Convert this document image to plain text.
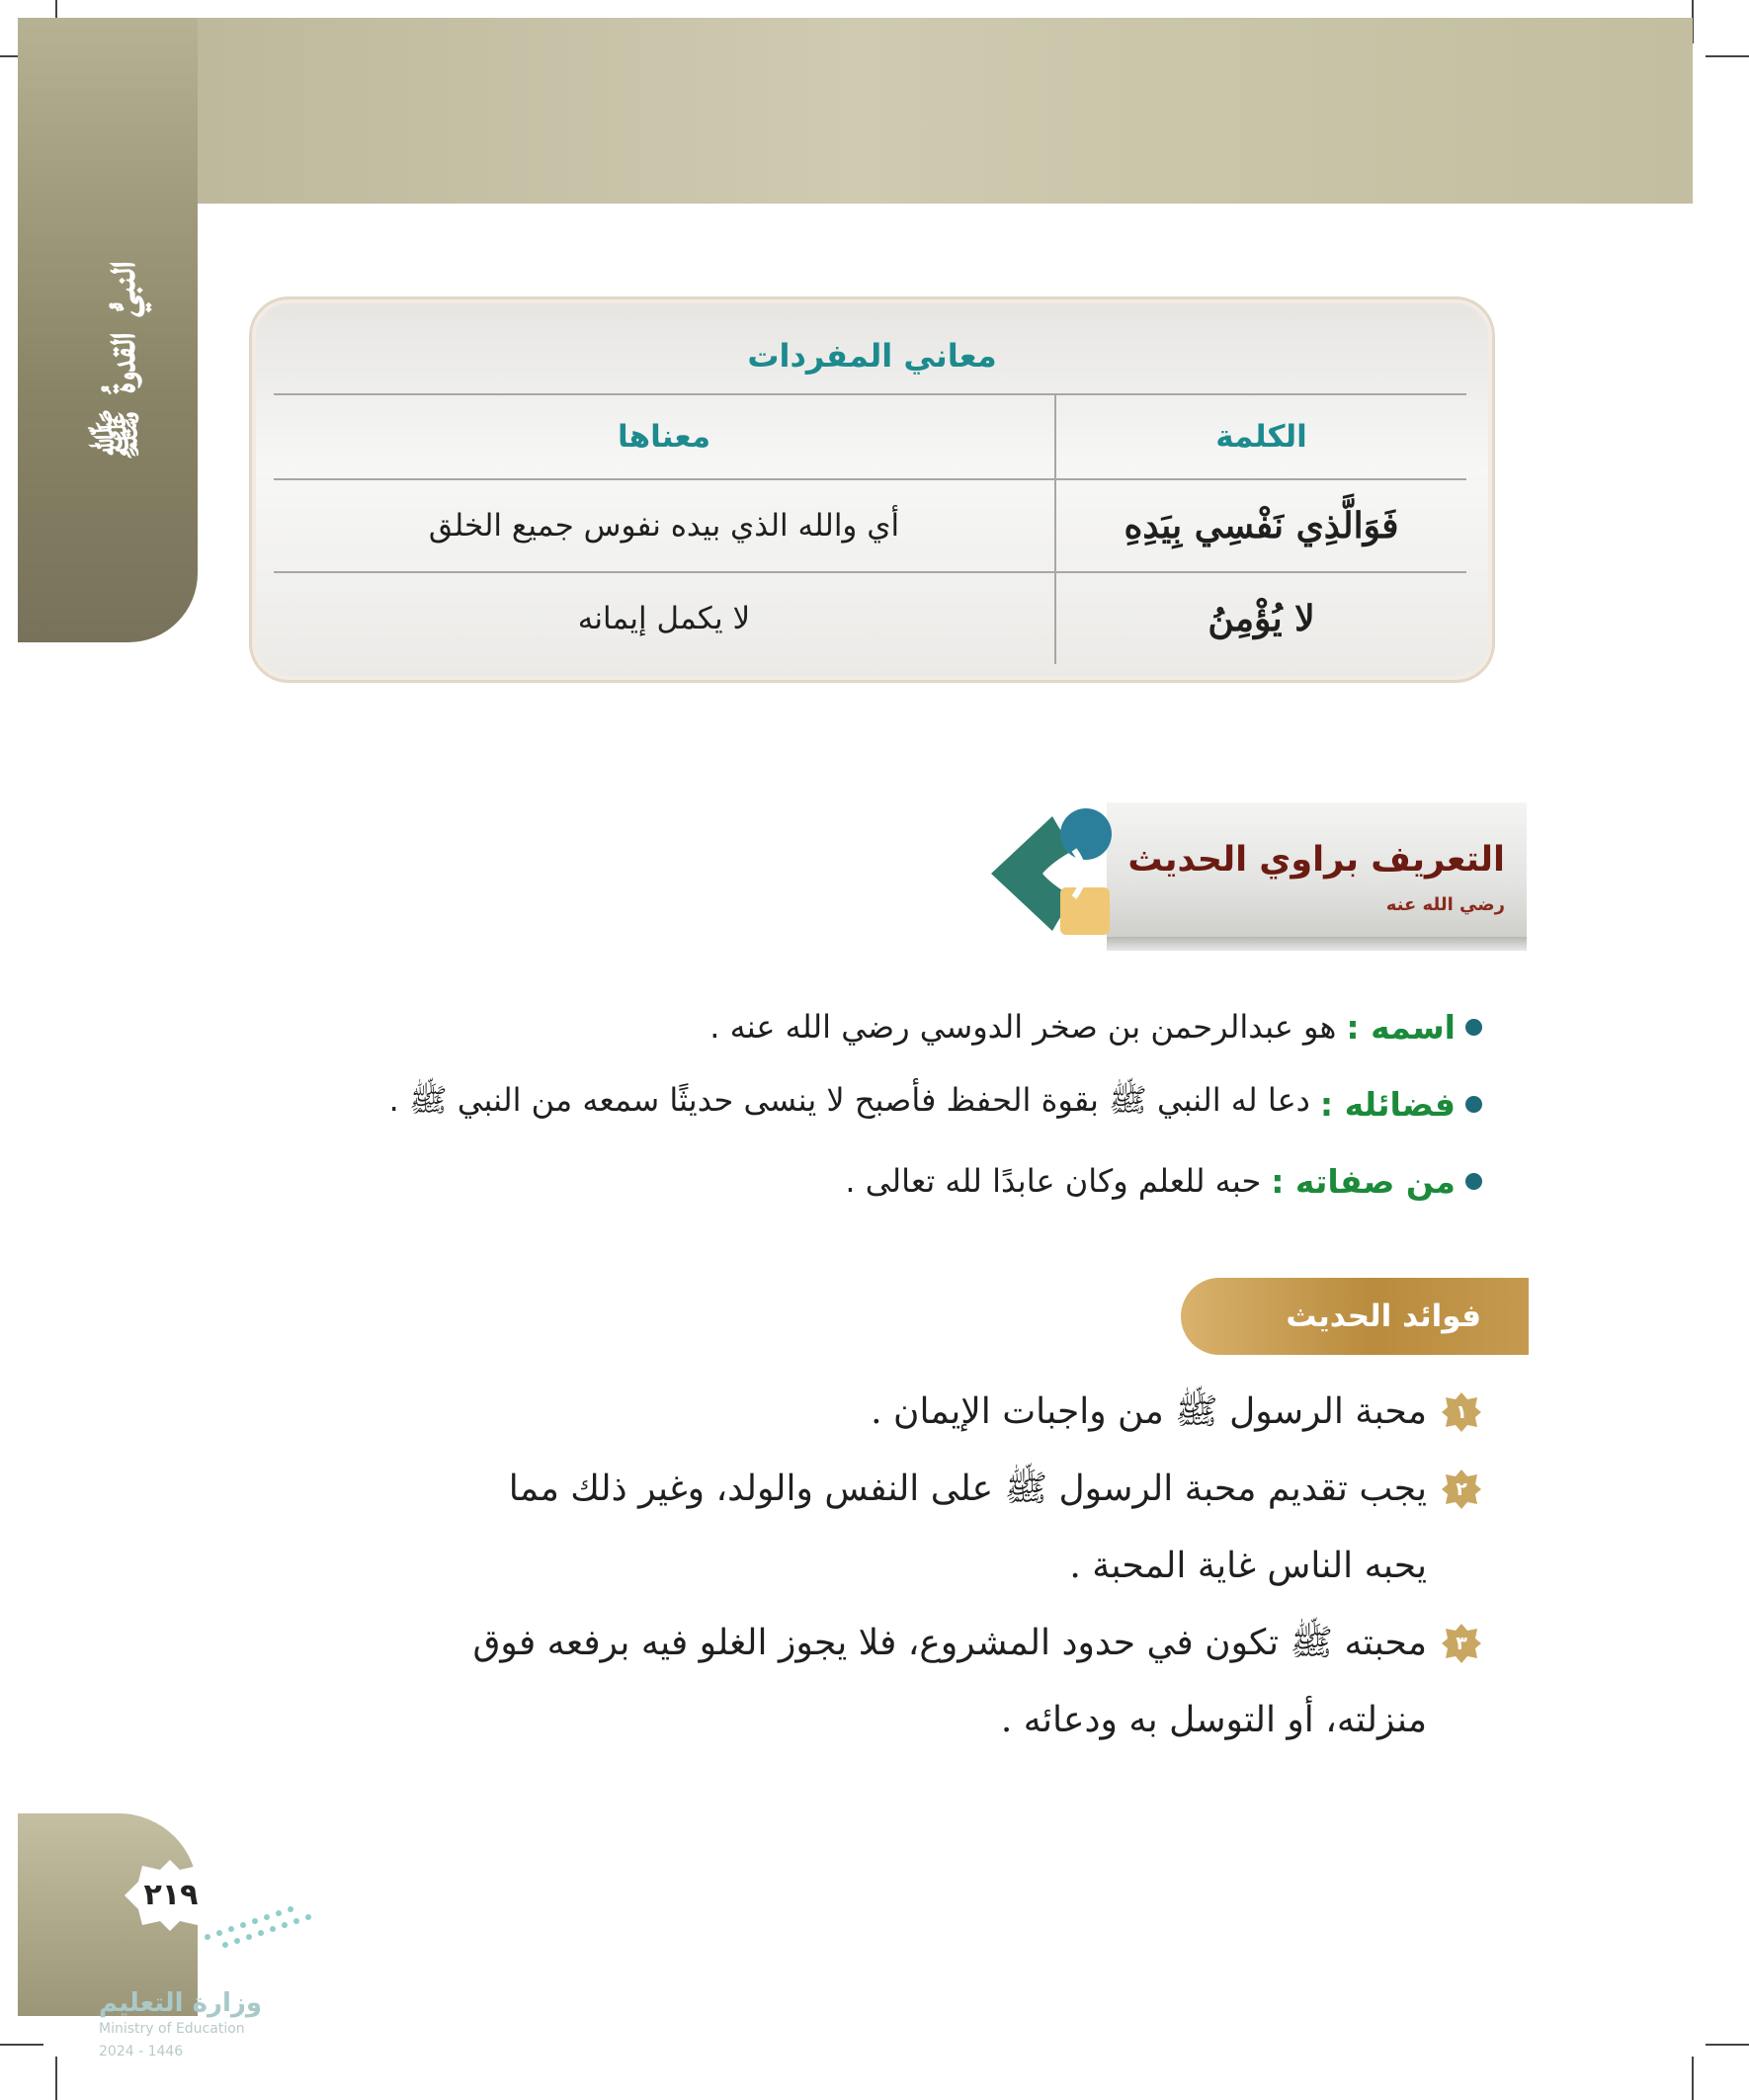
النبيُّ القدوةُ ﷺ	معاني المفردات
الكلمة	معناها
فَوَالَّذِي نَفْسِي بِيَدِهِ	أي والله الذي بيده نفوس جميع الخلق
لا يُؤْمِنُ	لا يكمل إيمانه
التعريف براوي الحديث رضي الله عنه
اسمه :
هو عبدالرحمن بن صخر الدوسي رضي الله عنه .
فضائله :
دعا له النبي ﷺ بقوة الحفظ فأصبح لا ينسى حديثًا سمعه من النبي ﷺ .
من صفاته :
حبه للعلم وكان عابدًا لله تعالى .
فوائد الحديث
١
محبة الرسول ﷺ من واجبات الإيمان .
٢
يجب تقديم محبة الرسول ﷺ على النفس والولد، وغير ذلك مما يحبه الناس غاية المحبة .
٣
محبته ﷺ تكون في حدود المشروع، فلا يجوز الغلو فيه برفعه فوق منزلته، أو التوسل به ودعائه .
٢١٩
وزارة التعليم
Ministry of Education
2024 - 1446
